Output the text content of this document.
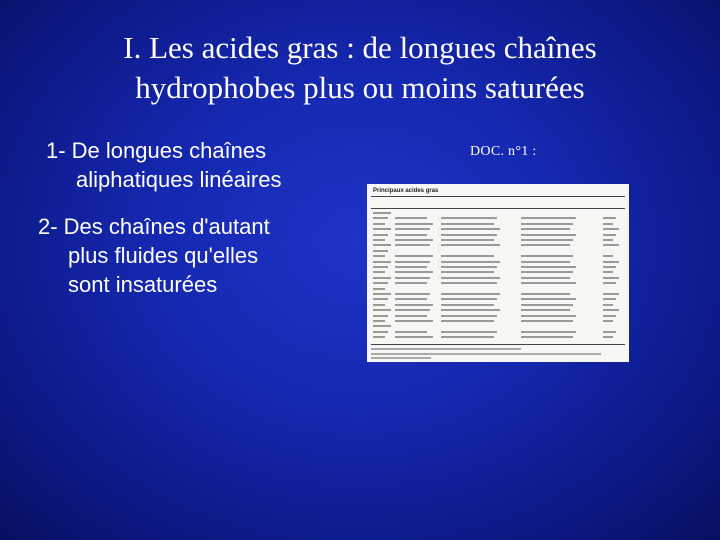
I. Les acides gras : de longues chaînes
hydrophobes plus ou moins saturées
1- De longues chaînes
aliphatiques linéaires
2- Des chaînes d'autant
plus fluides qu'elles
sont insaturées
DOC. n°1 :
Principaux acides gras
